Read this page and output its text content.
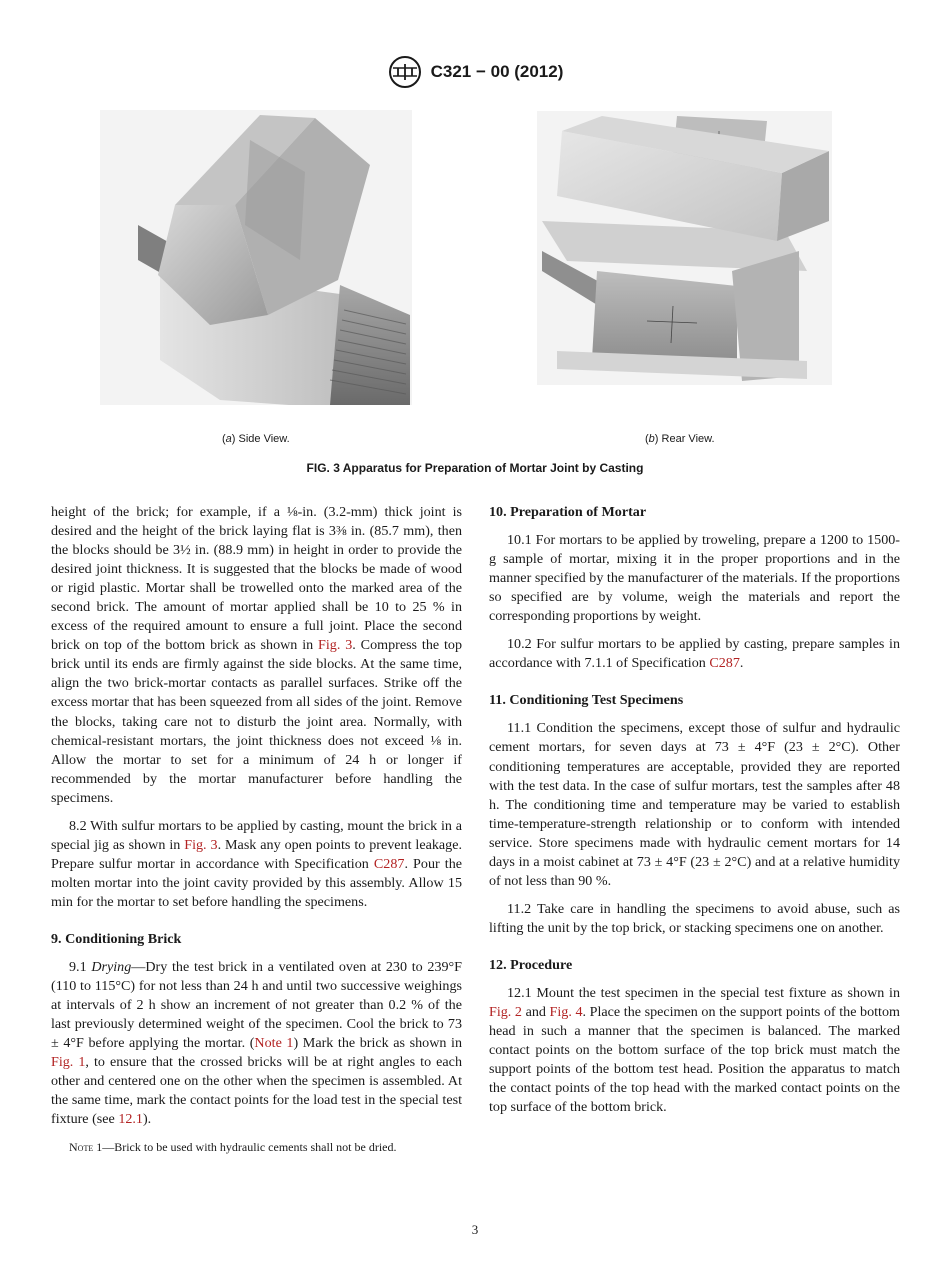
C321 − 00 (2012)
(a) Side View.	(b) Rear View.
FIG. 3 Apparatus for Preparation of Mortar Joint by Casting

height of the brick; for example, if a ⅛-in. (3.2-mm) thick joint is desired and the height of the brick laying flat is 3⅜ in. (85.7 mm), then the blocks should be 3½ in. (88.9 mm) in height in order to provide the desired joint thickness. It is suggested that the blocks be made of wood or rigid plastic. Mortar shall be trowelled onto the marked area of the second brick. The amount of mortar applied shall be 10 to 25 % in excess of the required amount to ensure a full joint. Place the second brick on top of the bottom brick as shown in Fig. 3. Compress the top brick until its ends are firmly against the side blocks. At the same time, align the two brick-mortar contacts as parallel surfaces. Strike off the excess mortar that has been squeezed from all sides of the joint. Remove the blocks, taking care not to disturb the joint area. Normally, with chemical-resistant mortars, the joint thickness does not exceed ⅛ in. Allow the mortar to set for a minimum of 24 h or longer if recommended by the mortar manufacturer before handling the specimens.

8.2 With sulfur mortars to be applied by casting, mount the brick in a special jig as shown in Fig. 3. Mask any open points to prevent leakage. Prepare sulfur mortar in accordance with Specification C287. Pour the molten mortar into the joint cavity provided by this assembly. Allow 15 min for the mortar to set before handling the specimens.

9. Conditioning Brick

9.1 Drying—Dry the test brick in a ventilated oven at 230 to 239°F (110 to 115°C) for not less than 24 h and until two successive weighings at intervals of 2 h show an increment of not greater than 0.2 % of the last previously determined weight of the specimen. Cool the brick to 73 ± 4°F before applying the mortar. (Note 1) Mark the brick as shown in Fig. 1, to ensure that the crossed bricks will be at right angles to each other and centered one on the other when the specimen is assembled. At the same time, mark the contact points for the load test in the special test fixture (see 12.1).

Note 1—Brick to be used with hydraulic cements shall not be dried.

10. Preparation of Mortar

10.1 For mortars to be applied by troweling, prepare a 1200 to 1500-g sample of mortar, mixing it in the proper proportions and in the manner specified by the manufacturer of the materials. If the proportions so specified are by volume, weigh the materials and report the corresponding proportions by weight.

10.2 For sulfur mortars to be applied by casting, prepare samples in accordance with 7.1.1 of Specification C287.

11. Conditioning Test Specimens

11.1 Condition the specimens, except those of sulfur and hydraulic cement mortars, for seven days at 73 ± 4°F (23 ± 2°C). Other conditioning temperatures are acceptable, provided they are reported with the test data. In the case of sulfur mortars, test the samples after 48 h. The conditioning time and temperature may be varied to establish time-temperature-strength relationship or to conform with intended service. Store specimens made with hydraulic cement mortars for 14 days in a moist cabinet at 73 ± 4°F (23 ± 2°C) and at a relative humidity of not less than 90 %.

11.2 Take care in handling the specimens to avoid abuse, such as lifting the unit by the top brick, or stacking specimens one on another.

12. Procedure

12.1 Mount the test specimen in the special test fixture as shown in Fig. 2 and Fig. 4. Place the specimen on the support points of the bottom head in such a manner that the specimen is balanced. The marked contact points on the bottom surface of the top brick must match the support points of the bottom test head. Position the apparatus to match the contact points of the top head with the marked contact points on the top surface of the bottom brick.

3
